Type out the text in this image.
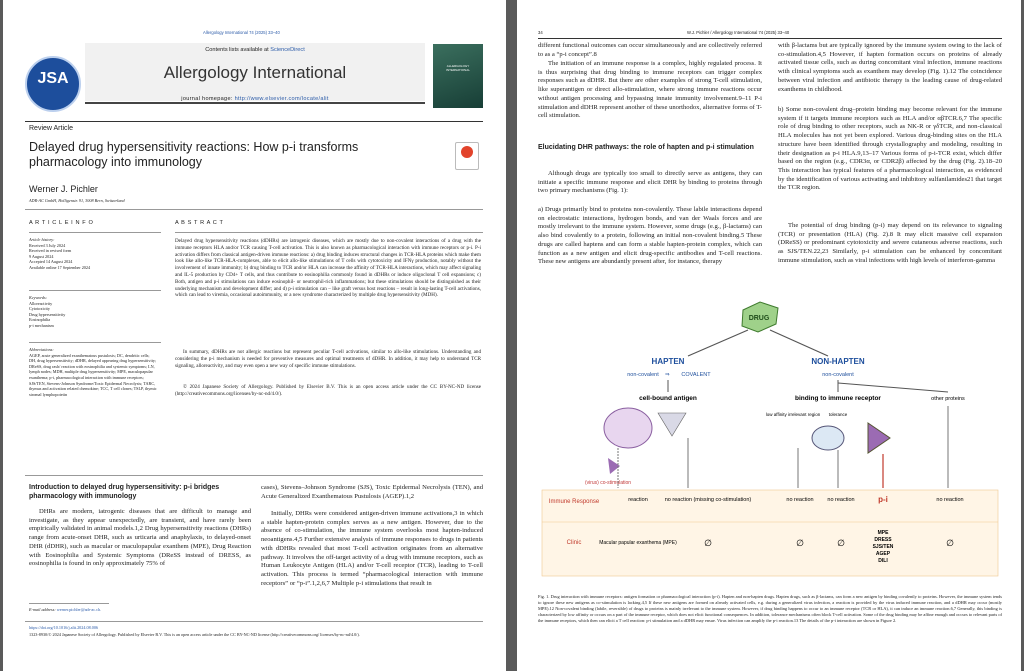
JSA
Contents lists available at ScienceDirect
Allergology International
journal homepage: http://www.elsevier.com/locate/alit
ALLERGOLOGY INTERNATIONAL
Allergology International 74 (2025) 33–40
Review Article
Delayed drug hypersensitivity reactions: How p-i transforms pharmacology into immunology
Werner J. Pichler
ADR-AC GmbH, Holligenstr. 91, 3008 Bern, Switzerland
A R T I C L E I N F O
Article history:
Received 3 July 2024
Received in revised form
9 August 2024
Accepted 14 August 2024
Available online 17 September 2024
Keywords:
Alloreactivity
Cytotoxicity
Drug hypersensitivity
Eosinophilia
p-i mechanism
Abbreviations:
AGEP, acute generalized exanthematous pustulosis; DC, dendritic cells; DH, drug hypersensitivity; dDHR, delayed appearing drug hypersensitivity; DReSS, drug rash/ reaction with eosinophilia and systemic symptoms; LN, lymph nodes; MDH, multiple drug hypersensitivity; MPE, maculopapular exanthema; p-i, pharmacological interaction with immune receptors; SJS/TEN, Stevens-Johnson Syndrome/Toxic Epidermal Necrolysis; TARC, thymus and activation related chemokine; TCC, T cell clones; TSLP, thymic stromal lymphopoietin
A B S T R A C T
Delayed drug hypersensitivity reactions (dDHRs) are iatrogenic diseases, which are mostly due to non-covalent interactions of a drug with the immune receptors HLA and/or TCR causing T-cell activation. This is also known as pharmacological interaction with immune receptors or p-i. P-i activation differs from classical antigen-driven immune reactions: a) drug binding induces structural changes in TCR-HLA proteins which make them look like allo-like TCR-HLA-complexes, able to elicit allo-like stimulations of T cells with cytotoxicity and IFNγ production, notably without the involvement of innate immunity; b) drug binding to TCR and/or HLA can increase the affinity of TCR-HLA interactions, which may affect signaling and IL-5 production by CD4+ T cells, and thus contribute to eosinophilia commonly found in dDHRs or induce oligoclonal T cell expansions; c) Both, antigen and p-i stimulations can induce eosinophil- or neutrophil-rich inflammations; but these stimulations should be distinguished as their underlying mechanism and development differ; and d) p-i stimulation can – like graft versus host reactions – result in long-lasting T-cell activations, which can lead to viremia, occasional autoimmunity, or a new syndrome characterized by multiple drug hypersensitivity (MDH).
In summary, dDHRs are not allergic reactions but represent peculiar T-cell activations, similar to allo-like stimulations. Understanding and considering the p-i mechanism is needed for preventive measures and optimal treatments of dDHR. In addition, it may help to understand TCR signaling, alloreactivity, and may even open a new way of specific immune stimulations.
© 2024 Japanese Society of Allergology. Published by Elsevier B.V. This is an open access article under the CC BY-NC-ND license (http://creativecommons.org/licenses/by-nc-nd/4.0/).
Introduction to delayed drug hypersensitivity: p-i bridges pharmacology with immunology
DHRs are modern, iatrogenic diseases that are difficult to manage and investigate, as they appear unexpectedly, are transient, and have rarely been empirically validated in animal models.1,2 Drug hypersensitivity reactions (DHRs) range from acute-onset DHR, such as urticaria and anaphylaxis, to delayed-onset DHR (dDHR), such as macular or maculopapular exanthem (MPE), Drug Reaction with Eosinophilia and Systemic Symptoms (DReSS instead of DRESS, as eosinophilia is found in only approximately 75% of
cases), Stevens–Johnson Syndrome (SJS), Toxic Epidermal Necrolysis (TEN), and Acute Generalized Exanthematous Pustulosis (AGEP).1,2
Initially, DHRs were considered antigen-driven immune activations,3 in which a stable hapten-protein complex serves as a new antigen. However, due to the absence of co-stimulation, the immune system overlooks most hapten-induced neoantigens.4,5 Further extensive analysis of immune responses to drugs in patients with dDHRs revealed that most T-cell activation originates from an alternative pathway. It involves the off-target activity of a drug with immune receptors, such as Human Leukocyte Antigen (HLA) and/or T-cell receptor (TCR), leading to T-cell activation. This process is termed “pharmacological interaction with immune receptors” or “p-i”.1,2,6,7 Multiple p-i stimulations that result in
E-mail address: werner.pichler@adr-ac.ch.
https://doi.org/10.1016/j.alit.2024.08.006
1323-8930/© 2024 Japanese Society of Allergology. Published by Elsevier B.V. This is an open access article under the CC BY-NC-ND license (http://creativecommons.org/ licenses/by-nc-nd/4.0/).
34	W.J. Pichler / Allergology International 74 (2025) 33–40
different functional outcomes can occur simultaneously and are collectively referred to as a “p-i concept”.8
The initiation of an immune response is a complex, highly regulated process. It is thus surprising that drug binding to immune receptors can trigger complex responses such as dDHR. But there are other examples of strong T-cell stimulation, like superantigen or direct allo-stimulation, where strong immune reactions occur without antigen processing and bypassing innate immunity involvement.9–11 P-i stimulation and dDHR represent another of these unorthodox, alternative forms of T-cell stimulation.
Elucidating DHR pathways: the role of hapten and p-i stimulation
Although drugs are typically too small to directly serve as antigens, they can initiate a specific immune response and elicit DHR by binding to proteins through two primary mechanisms (Fig. 1):
a) Drugs primarily bind to proteins non-covalently. These labile interactions depend on electrostatic interactions, hydrogen bonds, and van der Waals forces and are mostly irrelevant to the immune system. However, some drugs (e.g., β-lactams) can also bind covalently to a protein, following an initial non-covalent binding.5 These drugs are called haptens and can form a stable hapten-protein complex, which can function as a new antigen and elicit drug-specific antibodies and T-cell reactions. These new antigens are abundantly present after, for instance, therapy
with β-lactams but are typically ignored by the immune system owing to the lack of co-stimulation.4,5 However, if hapten formation occurs on proteins of already activated tissue cells, such as during concomitant viral infection, immune reactions with clinical symptoms such as exanthem may develop (Fig. 1).12 The coincidence between viral infection and antibiotic therapy is the leading cause of drug-related exanthems in childhood.
b) Some non-covalent drug–protein binding may become relevant for the immune system if it targets immune receptors such as HLA and/or αβTCR.6,7 The specific role of drug binding to other receptors, such as NK-R or γδTCR, and non-classical HLA molecules has not yet been explored. Various drug-binding sites on the HLA structure have been identified through crystallography and modeling, resulting in their designation as p-i HLA.9,13–17 Various forms of p-i-TCR exist, which differ based on the region (e.g., CDR3α, or CDR2β) affected by the drug (Fig. 2).18–20 This interaction has typical features of a pharmacological interaction, as evidenced by the identification of various activating and inhibitory sulfanilamides21 that target the TCR region.
The potential of drug binding (p-i) may depend on its relevance to signaling (TCR) or presentation (HLA) (Fig. 2).8 It may elicit massive cell expansion (DReSS) or predominant cytotoxicity and severe cutaneous adverse reactions, such as SJS/TEN.22,23 Similarly, p-i stimulation can be enhanced by concomitant immune stimulation, such as viral infections with high levels of interferon-gamma
DRUG
HAPTEN	NON-HAPTEN
non-covalent ⇒ COVALENT	non-covalent
cell-bound antigen	binding to immune receptor	other proteins
(virus) co-stimulation
low affinity irrelevant region tolerance
Immune Response	reaction	no reaction (missing co-stimulation)	no reaction	no reaction	p-i	no reaction
Clinic	Macular papular exanthema (MPE)	∅	∅	∅	∅
MPE
DRESS
SJS/TEN
AGEP
DILI
Fig. 1. Drug interaction with immune receptors: antigen formation or pharmacological interaction (p-i). Hapten and non-hapten drugs. Hapten drugs, such as β-lactams, can form a new antigen by binding covalently to proteins. However, the immune system tends to ignore these new antigens as co-stimulation is lacking.4,5 If these new antigens are formed on already activated cells, e.g. during a generalized virus infection, a reaction is provided by the virus induced immune reaction, and a dDHR may occur (mostly MPE).12 Non-covalent binding (labile, reversible) of drugs to proteins is mainly irrelevant to the immune system. However, if drug binding happens to occur to an immune receptor (TCR or HLA), it can induce an immune reaction.6,7 Generally, this binding is characterized by low affinity or occurs on a part of the immune receptor, which does not elicit functional consequences. In addition, tolerance mechanisms often block T-cell activation. Some of the drug binding may be affine enough and occurs to relevant parts of the immune receptors, which then can elicit a T cell reaction: p-i stimulation and a dDHR may ensue. Virus infection can amplify the p-i reaction.13 The details of the p-i interaction are shown in Figure 2.
